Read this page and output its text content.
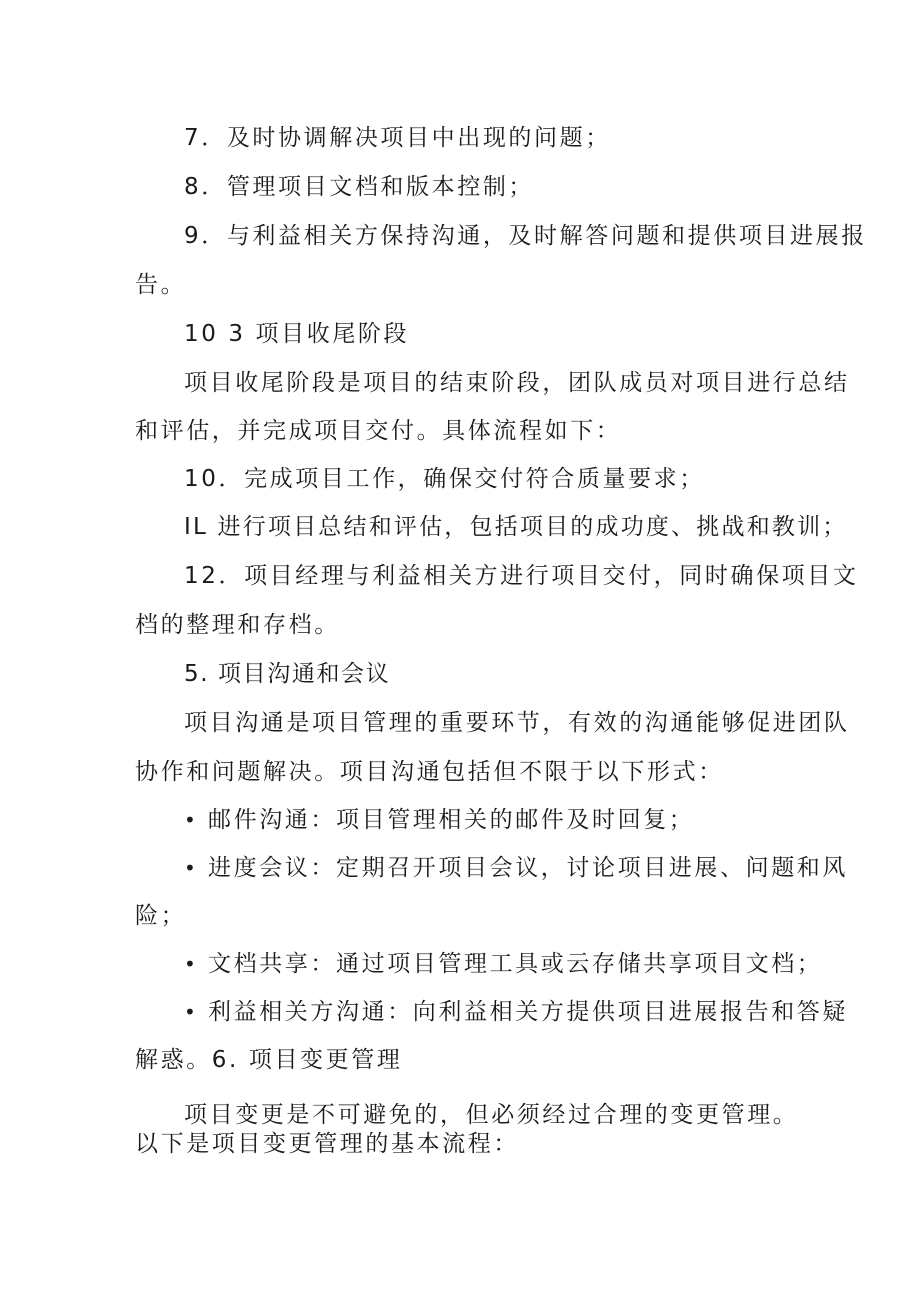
7．及时协调解决项目中出现的问题；
8．管理项目文档和版本控制；
9．与利益相关方保持沟通，及时解答问题和提供项目进展报
告。
10 3 项目收尾阶段
项目收尾阶段是项目的结束阶段，团队成员对项目进行总结
和评估，并完成项目交付。具体流程如下：
10．完成项目工作，确保交付符合质量要求；
IL 进行项目总结和评估，包括项目的成功度、挑战和教训；
12．项目经理与利益相关方进行项目交付，同时确保项目文
档的整理和存档。
5. 项目沟通和会议
项目沟通是项目管理的重要环节，有效的沟通能够促进团队
协作和问题解决。项目沟通包括但不限于以下形式：
• 邮件沟通：项目管理相关的邮件及时回复；
• 进度会议：定期召开项目会议，讨论项目进展、问题和风
险；
• 文档共享：通过项目管理工具或云存储共享项目文档；
• 利益相关方沟通：向利益相关方提供项目进展报告和答疑
解惑。6. 项目变更管理
项目变更是不可避免的，但必须经过合理的变更管理。
以下是项目变更管理的基本流程：
